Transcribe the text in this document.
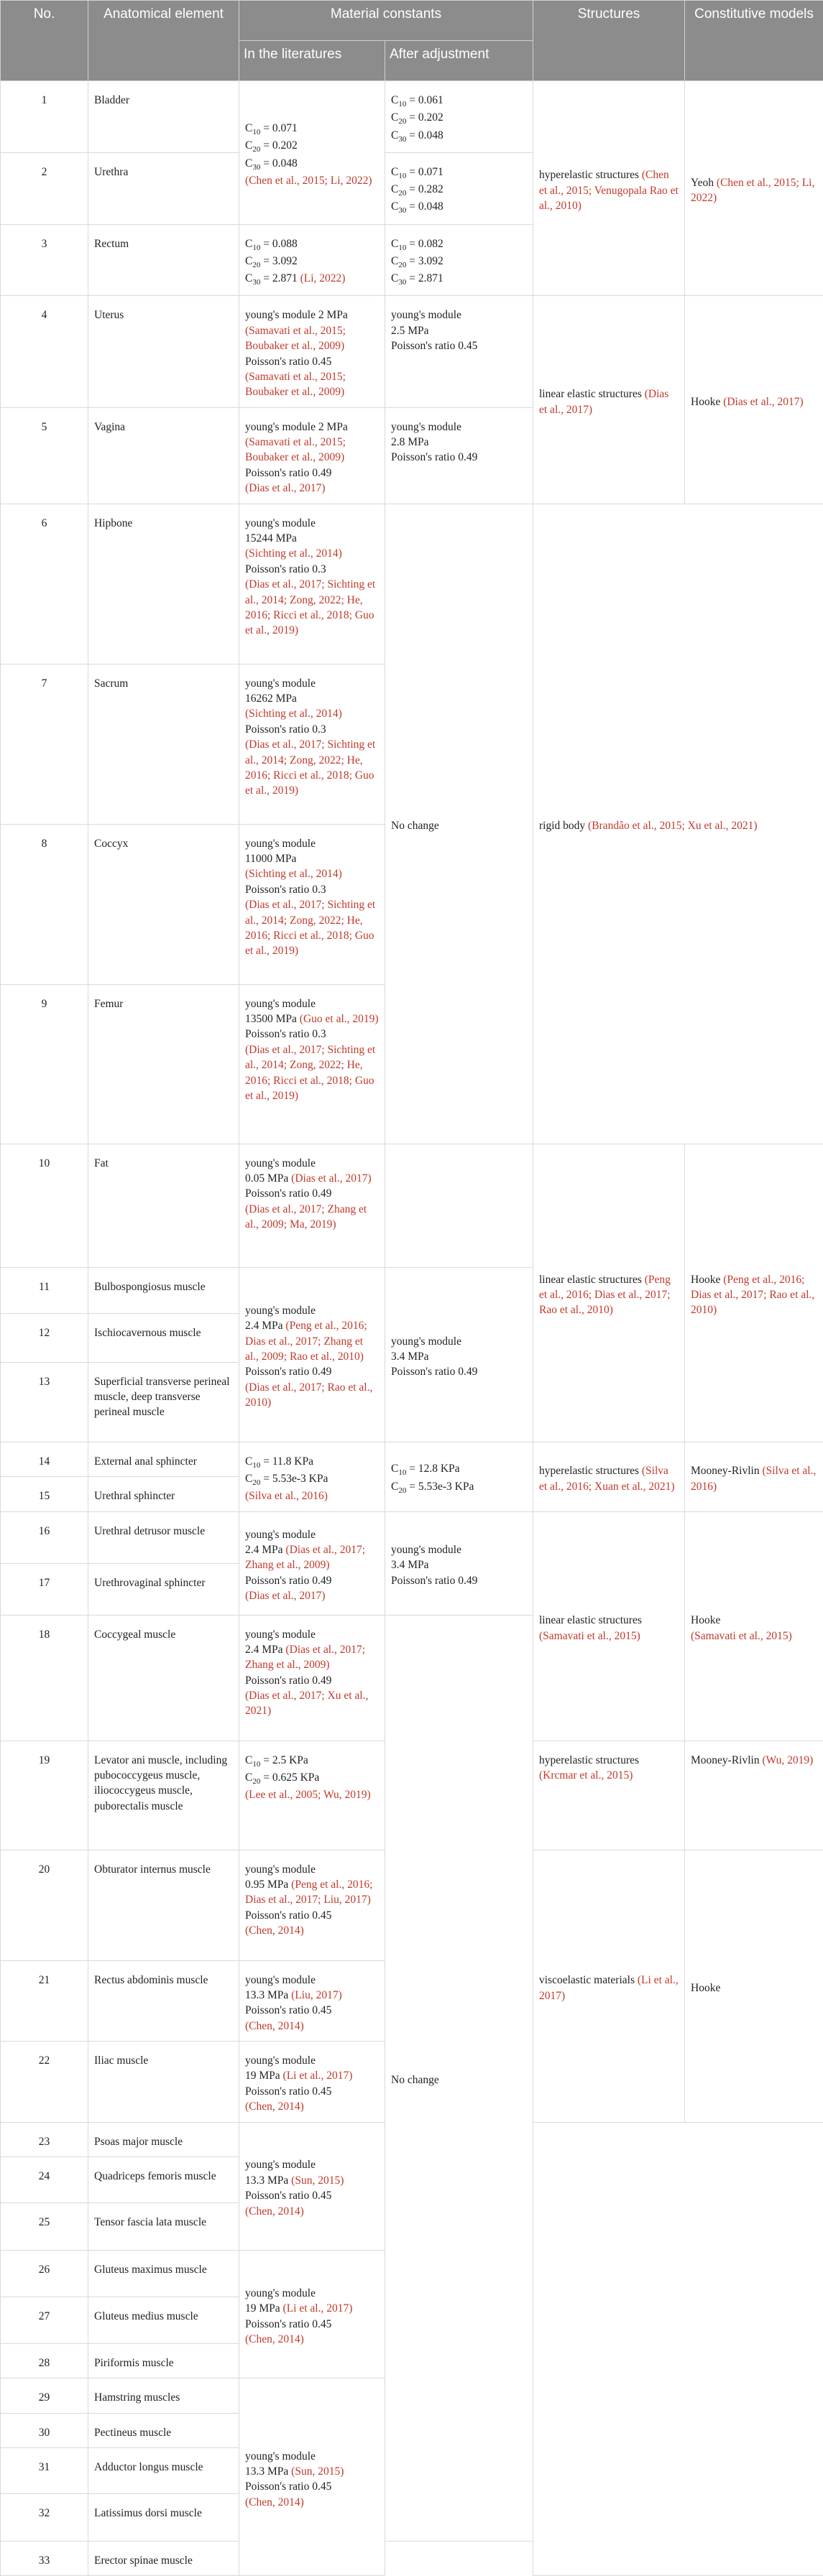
No.	Anatomical element	Material constants		Structures	Constitutive models
		In the literatures	After adjustment		
1	Bladder	$C_{10} = 0.071$
$C_{20} = 0.202$
$C_{30} = 0.048$
(Chen et al., 2015; Li, 2022)	$C_{10} = 0.061$
$C_{20} = 0.202$
$C_{30} = 0.048$	hyperelastic structures (Chen et al., 2015; Venugopala Rao et al., 2010)	Yeoh (Chen et al., 2015; Li, 2022)
2	Urethra		$C_{10} = 0.071$
$C_{20} = 0.282$
$C_{30} = 0.048$		
3	Rectum	$C_{10} = 0.088$
$C_{20} = 3.092$
$C_{30} = 2.871$ (Li, 2022)	$C_{10} = 0.082$
$C_{20} = 3.092$
$C_{30} = 2.871$		
4	Uterus	young's module 2 MPa
(Samavati et al., 2015; Boubaker et al., 2009)
Poisson's ratio 0.45
(Samavati et al., 2015; Boubaker et al., 2009)	young's module
2.5 MPa
Poisson's ratio 0.45	linear elastic structures (Dias et al., 2017)	Hooke (Dias et al., 2017)
5	Vagina	young's module 2 MPa
(Samavati et al., 2015; Boubaker et al., 2009)
Poisson's ratio 0.49
(Dias et al., 2017)	young's module
2.8 MPa
Poisson's ratio 0.49		
6	Hipbone	young's module
15244 MPa
(Sichting et al., 2014)
Poisson's ratio 0.3
(Dias et al., 2017; Sichting et al., 2014; Zong, 2022; He, 2016; Ricci et al., 2018; Guo et al., 2019)	No change	rigid body (Brandão et al., 2015; Xu et al., 2021)	
7	Sacrum	young's module
16262 MPa
(Sichting et al., 2014)
Poisson's ratio 0.3
(Dias et al., 2017; Sichting et al., 2014; Zong, 2022; He, 2016; Ricci et al., 2018; Guo et al., 2019)			
8	Coccyx	young's module
11000 MPa
(Sichting et al., 2014)
Poisson's ratio 0.3
(Dias et al., 2017; Sichting et al., 2014; Zong, 2022; He, 2016; Ricci et al., 2018; Guo et al., 2019)			
9	Femur	young's module
13500 MPa (Guo et al., 2019)
Poisson's ratio 0.3
(Dias et al., 2017; Sichting et al., 2014; Zong, 2022; He, 2016; Ricci et al., 2018; Guo et al., 2019)			
10	Fat	young's module
0.05 MPa (Dias et al., 2017)
Poisson's ratio 0.49
(Dias et al., 2017; Zhang et al., 2009; Ma, 2019)		linear elastic structures (Peng et al., 2016; Dias et al., 2017; Rao et al., 2010)	Hooke (Peng et al., 2016; Dias et al., 2017; Rao et al., 2010)
11	Bulbospongiosus muscle	young's module
2.4 MPa (Peng et al., 2016; Dias et al., 2017; Zhang et al., 2009; Rao et al., 2010)
Poisson's ratio 0.49
(Dias et al., 2017; Rao et al., 2010)	young's module
3.4 MPa
Poisson's ratio 0.49		
12	Ischiocavernous muscle				
13	Superficial transverse perineal muscle, deep transverse perineal muscle				
14	External anal sphincter	$C_{10} = 11.8$ KPa
$C_{20} = 5.53e-3$ KPa
(Silva et al., 2016)	$C_{10} = 12.8$ KPa
$C_{20} = 5.53e-3$ KPa	hyperelastic structures (Silva et al., 2016; Xuan et al., 2021)	Mooney-Rivlin (Silva et al., 2016)
15	Urethral sphincter				
16	Urethral detrusor muscle	young's module
2.4 MPa (Dias et al., 2017; Zhang et al., 2009)
Poisson's ratio 0.49
(Dias et al., 2017)	young's module
3.4 MPa
Poisson's ratio 0.49	linear elastic structures (Samavati et al., 2015)	Hooke
(Samavati et al., 2015)
17	Urethrovaginal sphincter				
18	Coccygeal muscle	young's module
2.4 MPa (Dias et al., 2017; Zhang et al., 2009)
Poisson's ratio 0.49
(Dias et al., 2017; Xu et al., 2021)	No change		
19	Levator ani muscle, including pubococcygeus muscle, iliococcygeus muscle, puborectalis muscle	$C_{10} = 2.5$ KPa
$C_{20} = 0.625$ KPa
(Lee et al., 2005; Wu, 2019)		hyperelastic structures (Krcmar et al., 2015)	Mooney-Rivlin (Wu, 2019)
20	Obturator internus muscle	young's module
0.95 MPa (Peng et al., 2016; Dias et al., 2017; Liu, 2017)
Poisson's ratio 0.45
(Chen, 2014)		viscoelastic materials (Li et al., 2017)	Hooke
21	Rectus abdominis muscle	young's module
13.3 MPa (Liu, 2017)
Poisson's ratio 0.45
(Chen, 2014)			
22	Iliac muscle	young's module
19 MPa (Li et al., 2017)
Poisson's ratio 0.45
(Chen, 2014)			
23	Psoas major muscle	young's module
13.3 MPa (Sun, 2015)
Poisson's ratio 0.45
(Chen, 2014)			
24	Quadriceps femoris muscle				
25	Tensor fascia lata muscle				
26	Gluteus maximus muscle	young's module
19 MPa (Li et al., 2017)
Poisson's ratio 0.45
(Chen, 2014)			
27	Gluteus medius muscle				
28	Piriformis muscle				
29	Hamstring muscles	young's module
13.3 MPa (Sun, 2015)
Poisson's ratio 0.45
(Chen, 2014)			
30	Pectineus muscle				
31	Adductor longus muscle				
32	Latissimus dorsi muscle				
33	Erector spinae muscle				
